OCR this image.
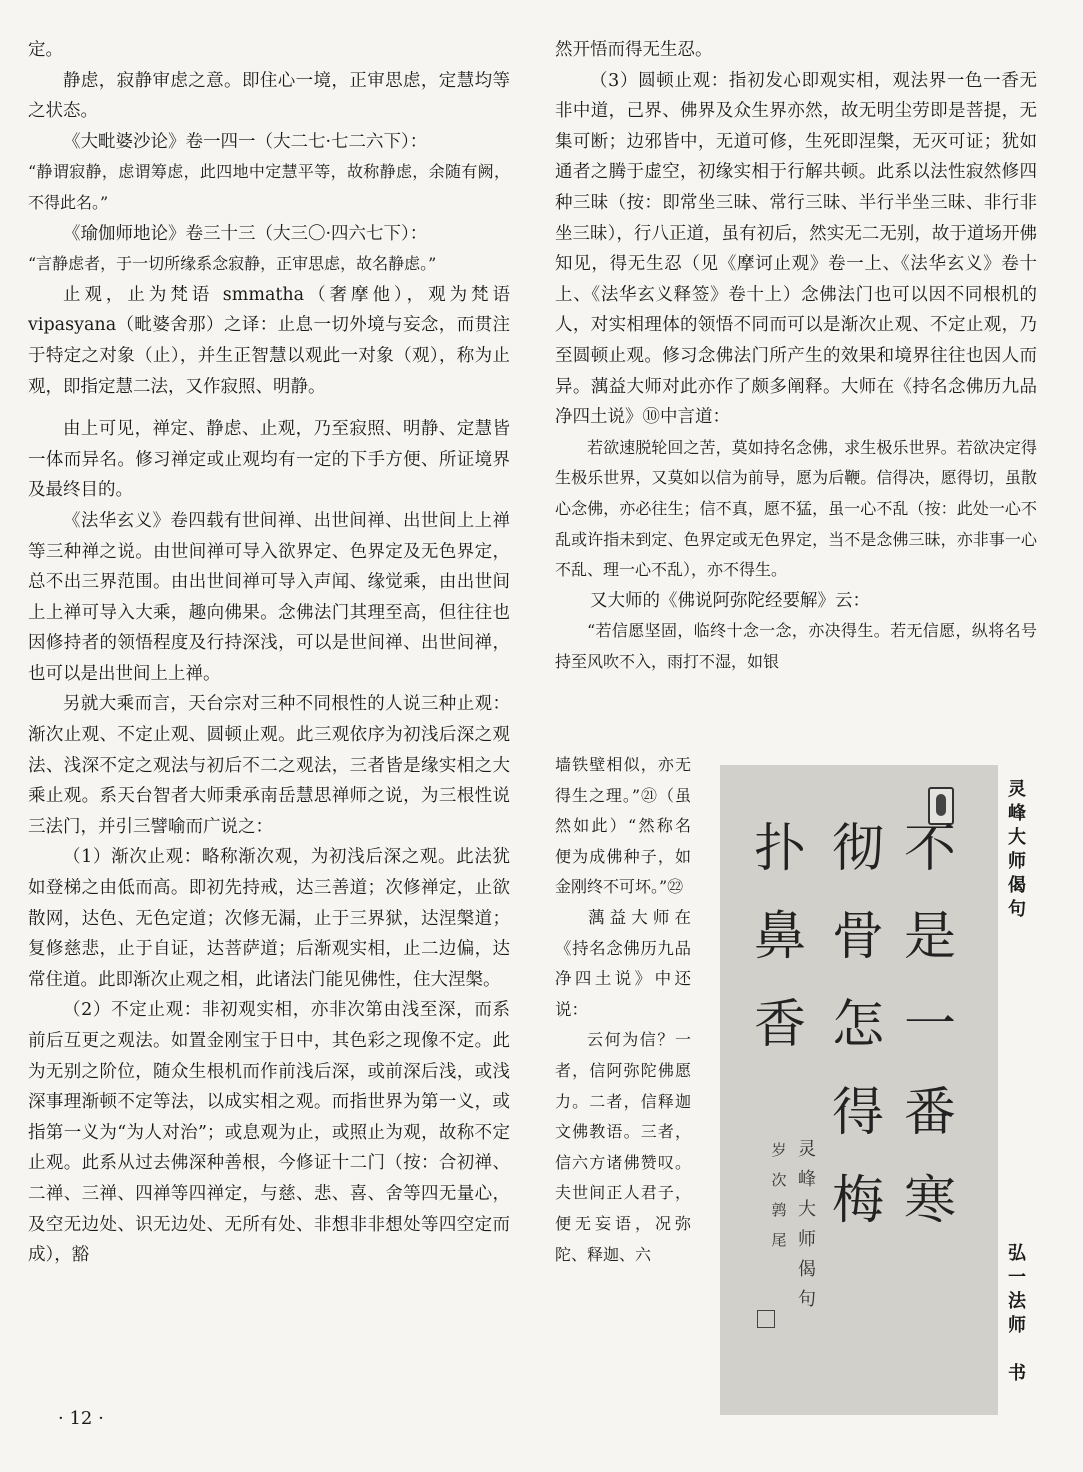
定。

静虑，寂静审虑之意。即住心一境，正审思虑，定慧均等之状态。

《大毗婆沙论》卷一四一（大二七·七二六下）：

“静谓寂静，虑谓筹虑，此四地中定慧平等，故称静虑，余随有阙，不得此名。”

《瑜伽师地论》卷三十三（大三〇·四六七下）：

“言静虑者，于一切所缘系念寂静，正审思虑，故名静虑。”

止观，止为梵语 smmatha（奢摩他），观为梵语 vipasyana（毗婆舍那）之译：止息一切外境与妄念，而贯注于特定之对象（止），并生正智慧以观此一对象（观），称为止观，即指定慧二法，又作寂照、明静。

由上可见，禅定、静虑、止观，乃至寂照、明静、定慧皆一体而异名。修习禅定或止观均有一定的下手方便、所证境界及最终目的。

《法华玄义》卷四载有世间禅、出世间禅、出世间上上禅等三种禅之说。由世间禅可导入欲界定、色界定及无色界定，总不出三界范围。由出世间禅可导入声闻、缘觉乘，由出世间上上禅可导入大乘，趣向佛果。念佛法门其理至高，但往往也因修持者的领悟程度及行持深浅，可以是世间禅、出世间禅，也可以是出世间上上禅。

另就大乘而言，天台宗对三种不同根性的人说三种止观：渐次止观、不定止观、圆顿止观。此三观依序为初浅后深之观法、浅深不定之观法与初后不二之观法，三者皆是缘实相之大乘止观。系天台智者大师秉承南岳慧思禅师之说，为三根性说三法门，并引三譬喻而广说之：

（1）渐次止观：略称渐次观，为初浅后深之观。此法犹如登梯之由低而高。即初先持戒，达三善道；次修禅定，止欲散网，达色、无色定道；次修无漏，止于三界狱，达涅槃道；复修慈悲，止于自证，达菩萨道；后渐观实相，止二边偏，达常住道。此即渐次止观之相，此诸法门能见佛性，住大涅槃。

（2）不定止观：非初观实相，亦非次第由浅至深，而系前后互更之观法。如置金刚宝于日中，其色彩之现像不定。此为无别之阶位，随众生根机而作前浅后深，或前深后浅，或浅深事理渐顿不定等法，以成实相之观。而指世界为第一义，或指第一义为“为人对治”；或息观为止，或照止为观，故称不定止观。此系从过去佛深种善根，今修证十二门（按：合初禅、二禅、三禅、四禅等四禅定，与慈、悲、喜、舍等四无量心，及空无边处、识无边处、无所有处、非想非非想处等四空定而成），豁

然开悟而得无生忍。

（3）圆顿止观：指初发心即观实相，观法界一色一香无非中道，己界、佛界及众生界亦然，故无明尘劳即是菩提，无集可断；边邪皆中，无道可修，生死即涅槃，无灭可证；犹如通者之腾于虚空，初缘实相于行解共顿。此系以法性寂然修四种三昧（按：即常坐三昧、常行三昧、半行半坐三昧、非行非坐三昧），行八正道，虽有初后，然实无二无别，故于道场开佛知见，得无生忍（见《摩诃止观》卷一上、《法华玄义》卷十上、《法华玄义释签》卷十上）念佛法门也可以因不同根机的人，对实相理体的领悟不同而可以是渐次止观、不定止观，乃至圆顿止观。修习念佛法门所产生的效果和境界往往也因人而异。蕅益大师对此亦作了颇多阐释。大师在《持名念佛历九品净四土说》⑩中言道：

若欲速脱轮回之苦，莫如持名念佛，求生极乐世界。若欲决定得生极乐世界，又莫如以信为前导，愿为后鞭。信得决，愿得切，虽散心念佛，亦必往生；信不真，愿不猛，虽一心不乱（按：此处一心不乱或许指未到定、色界定或无色界定，当不是念佛三昧，亦非事一心不乱、理一心不乱），亦不得生。

又大师的《佛说阿弥陀经要解》云：

“若信愿坚固，临终十念一念，亦决得生。若无信愿，纵将名号持至风吹不入，雨打不湿，如银

墙铁壁相似，亦无得生之理。”㉑（虽然如此）“然称名便为成佛种子，如金刚终不可坏。”㉒

蕅益大师在《持名念佛历九品净四土说》中还说：

云何为信？一者，信阿弥陀佛愿力。二者，信释迦文佛教语。三者，信六方诸佛赞叹。夫世间正人君子，便无妄语，况弥陀、释迦、六

不
是
一
番
寒
彻
骨
怎
得
梅
扑
鼻
香
灵
峰
大
师
偈
句
岁
次
鹑
尾
灵
峰
大
师
偈
句
弘
一
法
师

书
· 12 ·
